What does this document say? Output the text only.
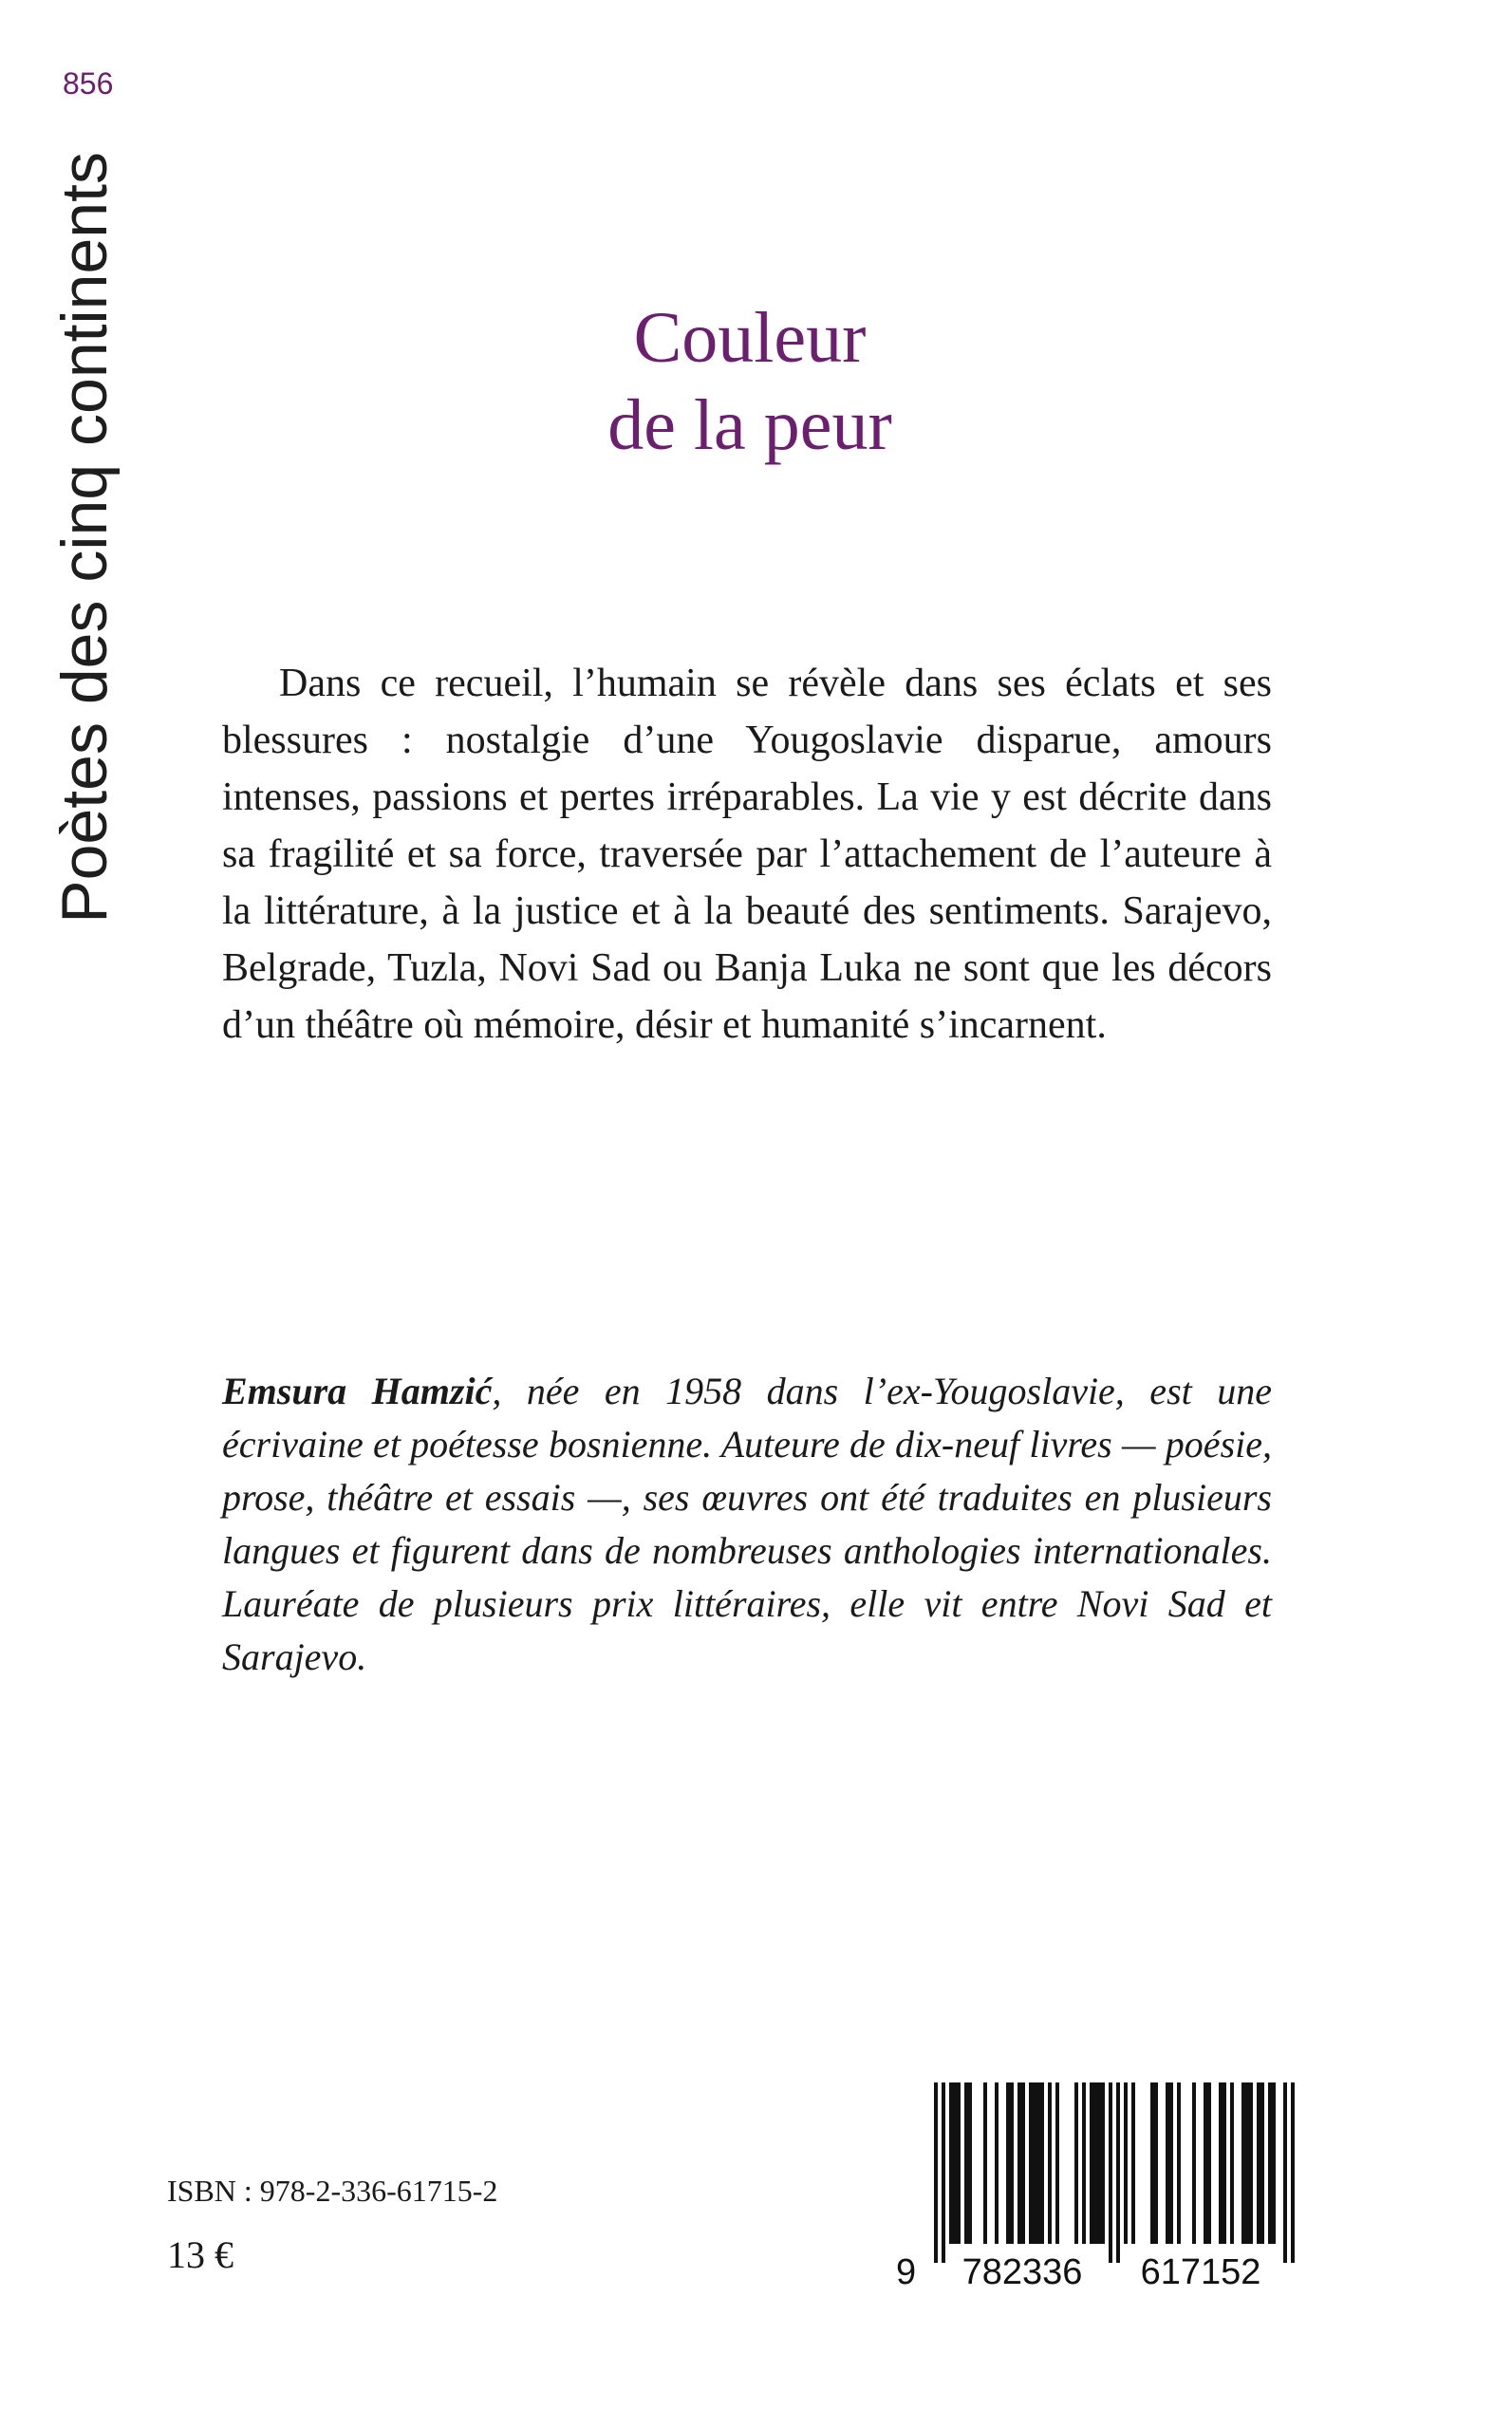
856
Poètes des cinq continents	Couleur
de la peur

Dans ce recueil, l’humain se révèle dans ses éclats et ses blessures : nostalgie d’une Yougoslavie disparue, amours intenses, passions et pertes irréparables. La vie y est décrite dans sa fragilité et sa force, traversée par l’attachement de l’auteure à la littérature, à la justice et à la beauté des sentiments. Sarajevo, Belgrade, Tuzla, Novi Sad ou Banja Luka ne sont que les décors d’un théâtre où mémoire, désir et humanité s’incarnent.

Emsura Hamzić, née en 1958 dans l’ex-Yougoslavie, est une écrivaine et poétesse bosnienne. Auteure de dix-neuf livres — poésie, prose, théâtre et essais —, ses œuvres ont été traduites en plusieurs langues et figurent dans de nombreuses anthologies internationales. Lauréate de plusieurs prix littéraires, elle vit entre Novi Sad et Sarajevo.

ISBN : 978-2-336-61715-2
13 €	9 782336 617152
